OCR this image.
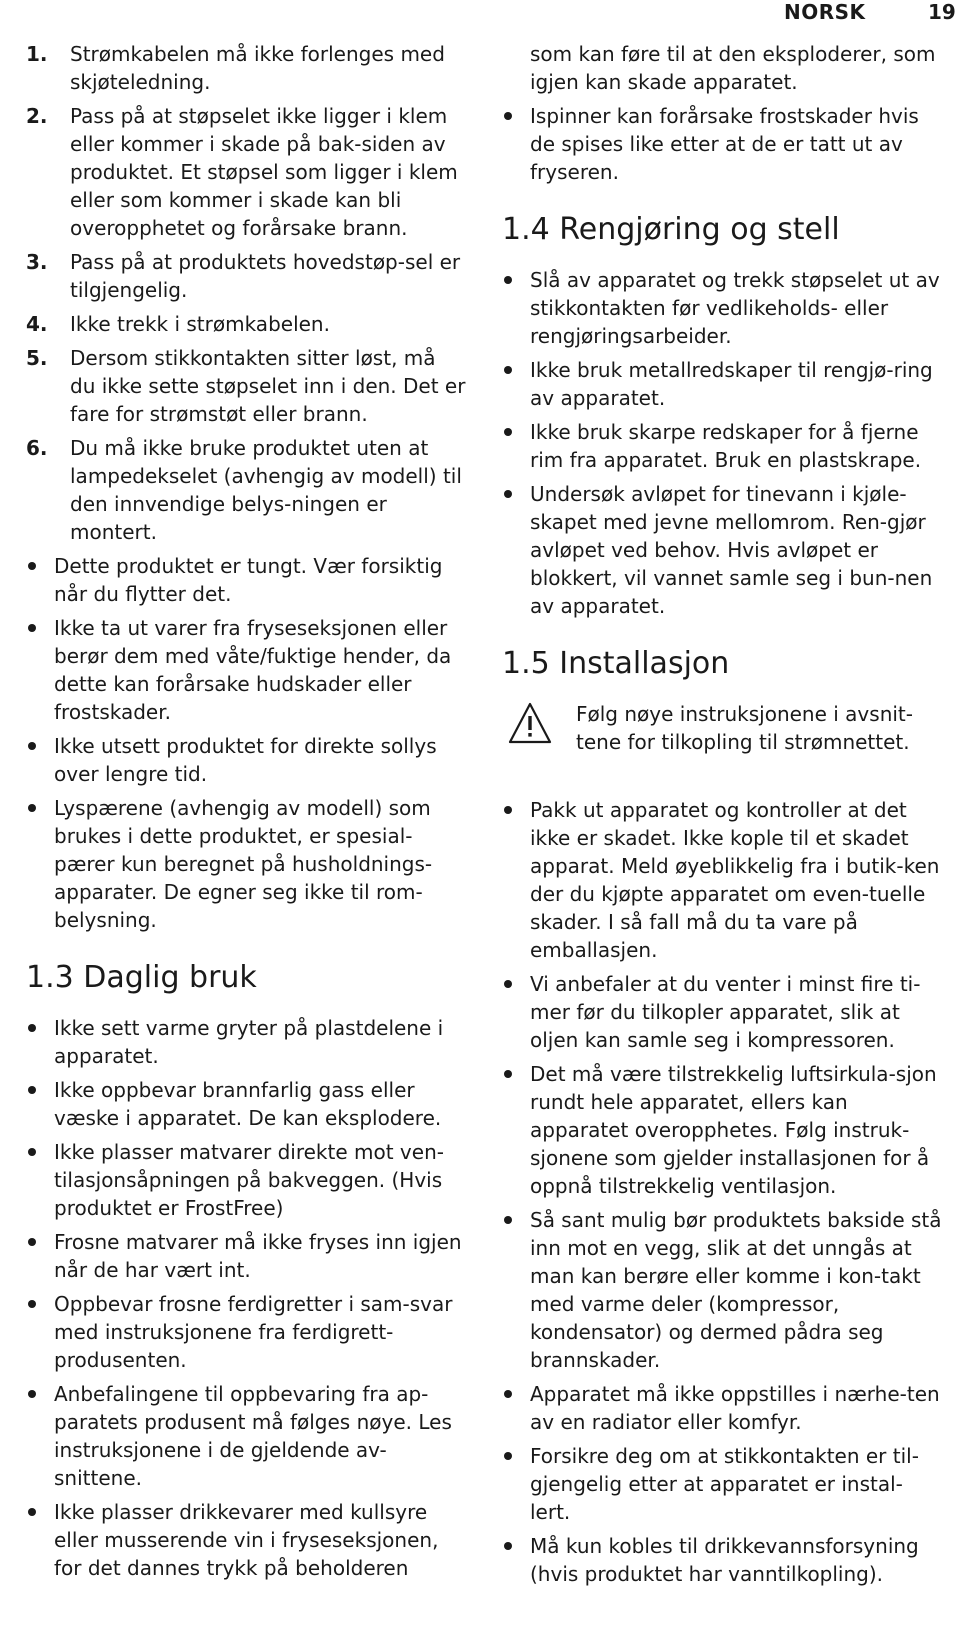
NORSK	19
1. Strømkabelen må ikke forlenges med skjøteledning.
2. Pass på at støpselet ikke ligger i klem eller kommer i skade på bak-siden av produktet. Et støpsel som ligger i klem eller som kommer i skade kan bli overopphetet og forårsake brann.
3. Pass på at produktets hovedstøp-sel er tilgjengelig.
4. Ikke trekk i strømkabelen.
5. Dersom stikkontakten sitter løst, må du ikke sette støpselet inn i den. Det er fare for strømstøt eller brann.
6. Du må ikke bruke produktet uten at lampedekselet (avhengig av modell) til den innvendige belys-ningen er montert.
Dette produktet er tungt. Vær forsiktig når du flytter det.
Ikke ta ut varer fra fryseseksjonen eller berør dem med våte/fuktige hender, da dette kan forårsake hudskader eller frostskader.
Ikke utsett produktet for direkte sollys over lengre tid.
Lyspærene (avhengig av modell) som brukes i dette produktet, er spesial-pærer kun beregnet på husholdnings-apparater. De egner seg ikke til rom-belysning.
1.3 Daglig bruk
Ikke sett varme gryter på plastdelene i apparatet.
Ikke oppbevar brannfarlig gass eller væske i apparatet. De kan eksplodere.
Ikke plasser matvarer direkte mot ven-tilasjonsåpningen på bakveggen. (Hvis produktet er FrostFree)
Frosne matvarer må ikke fryses inn igjen når de har vært int.
Oppbevar frosne ferdigretter i sam-svar med instruksjonene fra ferdigrett-produsenten.
Anbefalingene til oppbevaring fra ap-paratets produsent må følges nøye. Les instruksjonene i de gjeldende av-snittene.
Ikke plasser drikkevarer med kullsyre eller musserende vin i fryseseksjonen, for det dannes trykk på beholderen

som kan føre til at den eksploderer, som igjen kan skade apparatet.

Ispinner kan forårsake frostskader hvis de spises like etter at de er tatt ut av fryseren.
1.4 Rengjøring og stell
Slå av apparatet og trekk støpselet ut av stikkontakten før vedlikeholds- eller rengjøringsarbeider.
Ikke bruk metallredskaper til rengjø-ring av apparatet.
Ikke bruk skarpe redskaper for å fjerne rim fra apparatet. Bruk en plastskrape.
Undersøk avløpet for tinevann i kjøle-skapet med jevne mellomrom. Ren-gjør avløpet ved behov. Hvis avløpet er blokkert, vil vannet samle seg i bun-nen av apparatet.
1.5 Installasjon

Følg nøye instruksjonene i avsnit-tene for tilkopling til strømnettet.

Pakk ut apparatet og kontroller at det ikke er skadet. Ikke kople til et skadet apparat. Meld øyeblikkelig fra i butik-ken der du kjøpte apparatet om even-tuelle skader. I så fall må du ta vare på emballasjen.
Vi anbefaler at du venter i minst fire ti-mer før du tilkopler apparatet, slik at oljen kan samle seg i kompressoren.
Det må være tilstrekkelig luftsirkula-sjon rundt hele apparatet, ellers kan apparatet overopphetes. Følg instruk-sjonene som gjelder installasjonen for å oppnå tilstrekkelig ventilasjon.
Så sant mulig bør produktets bakside stå inn mot en vegg, slik at det unngås at man kan berøre eller komme i kon-takt med varme deler (kompressor, kondensator) og dermed pådra seg brannskader.
Apparatet må ikke oppstilles i nærhe-ten av en radiator eller komfyr.
Forsikre deg om at stikkontakten er til-gjengelig etter at apparatet er instal-lert.
Må kun kobles til drikkevannsforsyning (hvis produktet har vanntilkopling).
